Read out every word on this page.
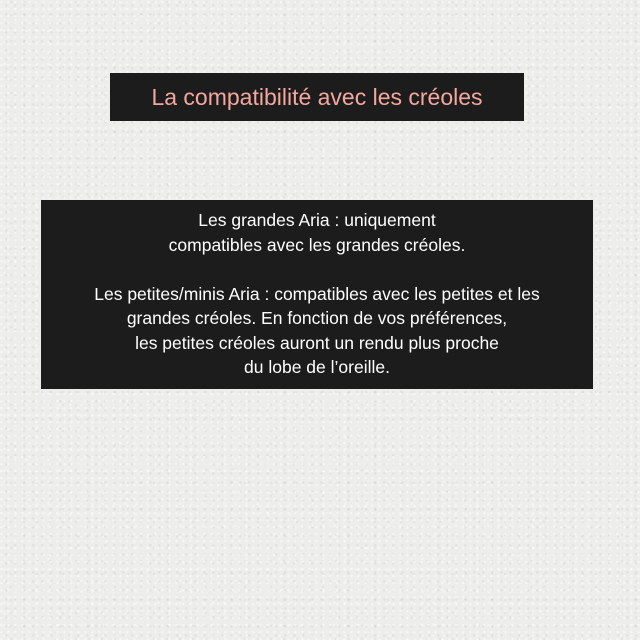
La compatibilité avec les créoles

Les grandes Aria : uniquement
compatibles avec les grandes créoles.

Les petites/minis Aria : compatibles avec les petites et les
grandes créoles. En fonction de vos préférences,
les petites créoles auront un rendu plus proche
du lobe de l’oreille.
